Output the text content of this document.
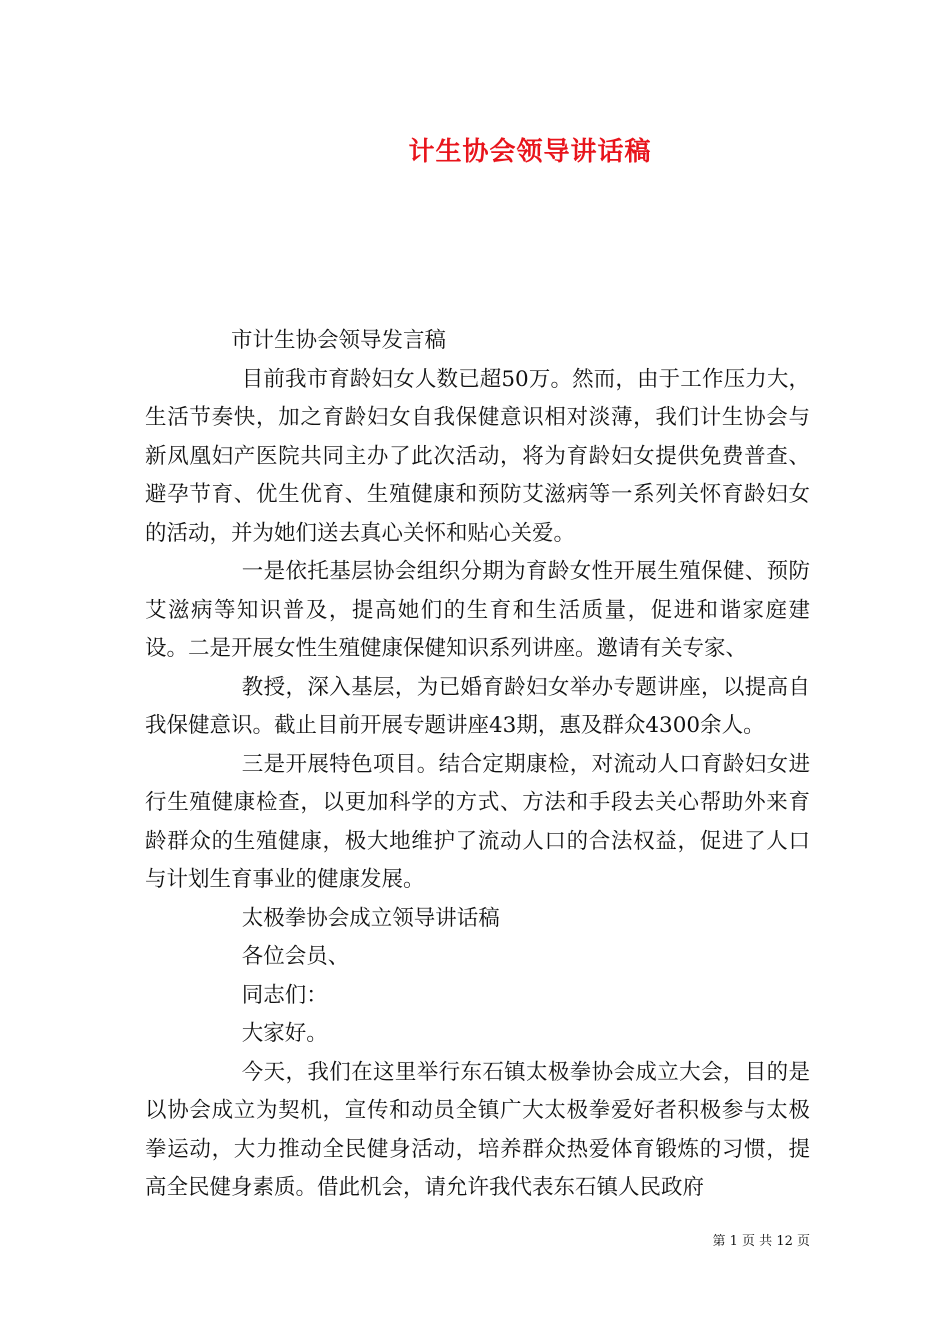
计生协会领导讲话稿

市计生协会领导发言稿

目前我市育龄妇女人数已超50万。然而，由于工作压力大，生活节奏快，加之育龄妇女自我保健意识相对淡薄，我们计生协会与新凤凰妇产医院共同主办了此次活动，将为育龄妇女提供免费普查、避孕节育、优生优育、生殖健康和预防艾滋病等一系列关怀育龄妇女的活动，并为她们送去真心关怀和贴心关爱。

一是依托基层协会组织分期为育龄女性开展生殖保健、预防艾滋病等知识普及，提高她们的生育和生活质量，促进和谐家庭建设。二是开展女性生殖健康保健知识系列讲座。邀请有关专家、

教授，深入基层，为已婚育龄妇女举办专题讲座，以提高自我保健意识。截止目前开展专题讲座43期，惠及群众4300余人。

三是开展特色项目。结合定期康检，对流动人口育龄妇女进行生殖健康检查，以更加科学的方式、方法和手段去关心帮助外来育龄群众的生殖健康，极大地维护了流动人口的合法权益，促进了人口与计划生育事业的健康发展。

太极拳协会成立领导讲话稿

各位会员、

同志们：

大家好。

今天，我们在这里举行东石镇太极拳协会成立大会，目的是以协会成立为契机，宣传和动员全镇广大太极拳爱好者积极参与太极拳运动，大力推动全民健身活动，培养群众热爱体育锻炼的习惯，提高全民健身素质。借此机会，请允许我代表东石镇人民政府

第 1 页 共 12 页
